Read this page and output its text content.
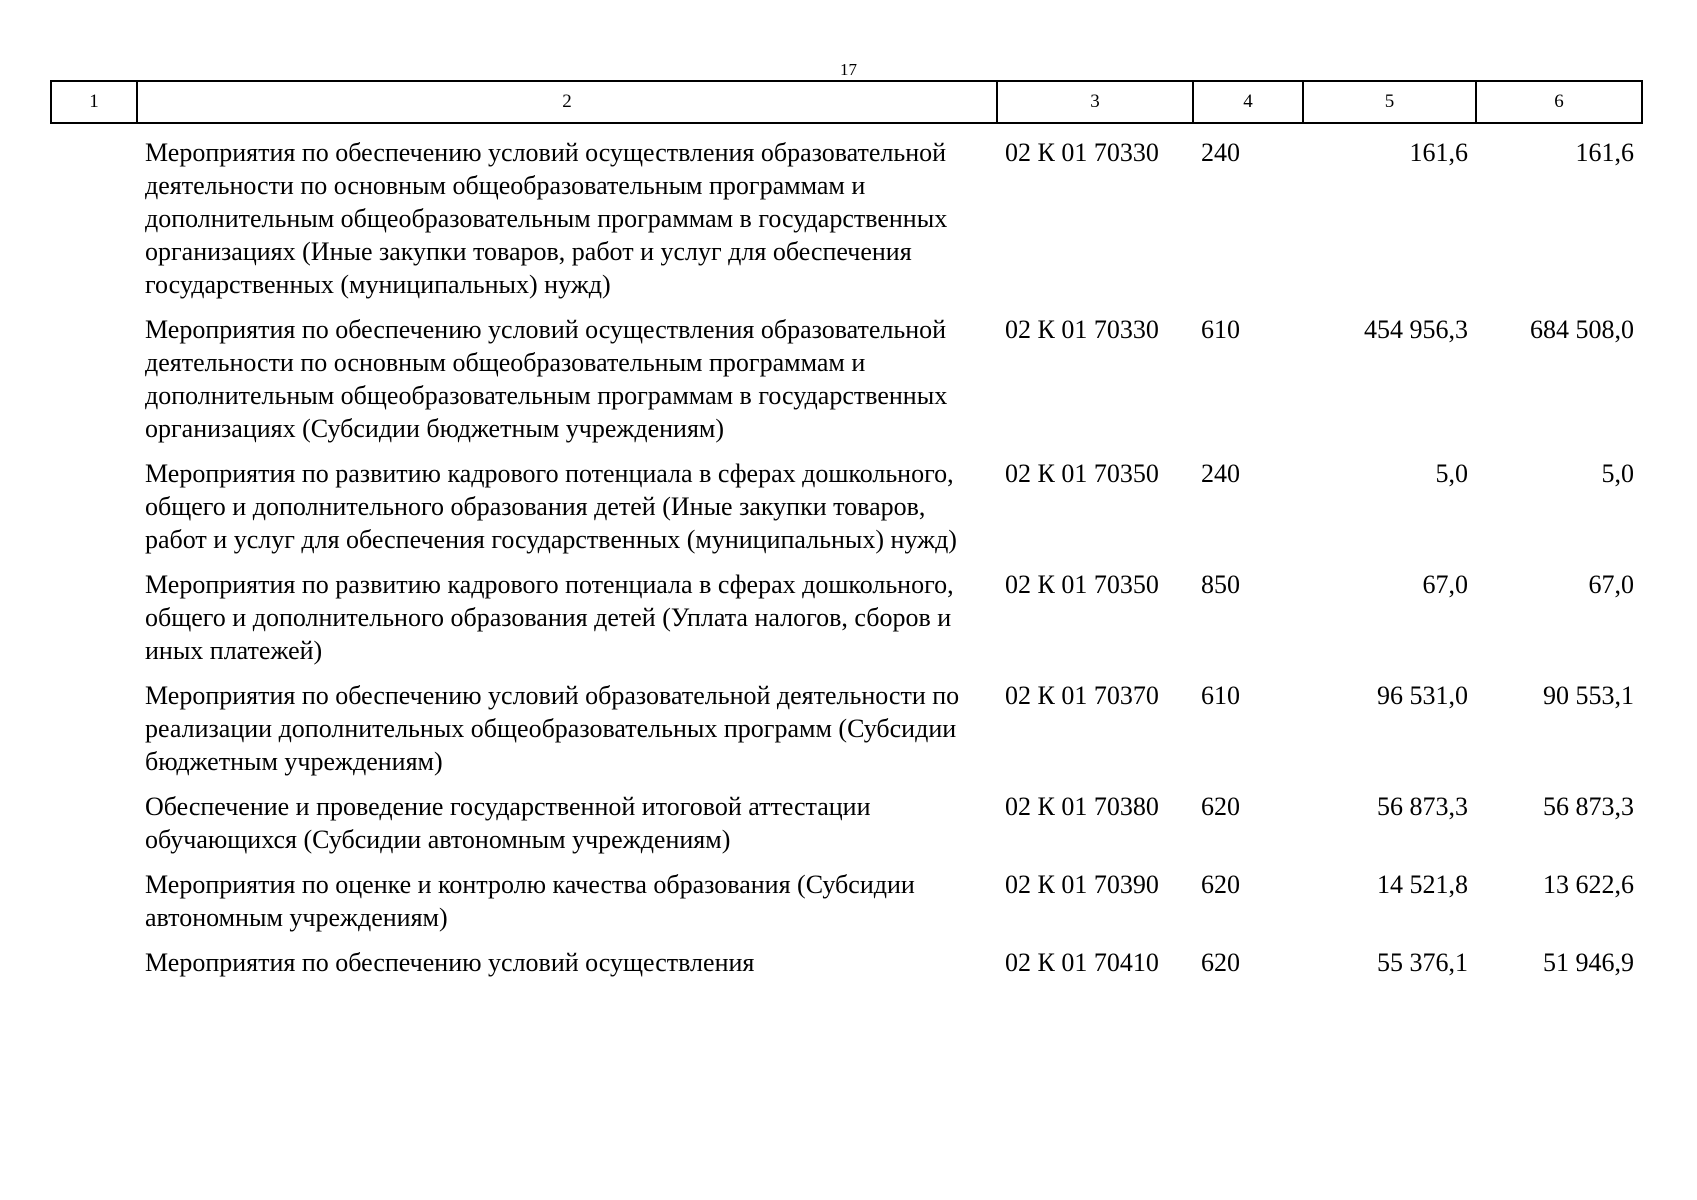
17
1	2	3	4	5	6
	Мероприятия по обеспечению условий осуществления образовательной деятельности по основным общеобразовательным программам и дополнительным общеобразовательным программам в государственных организациях (Иные закупки товаров, работ и услуг для обеспечения государственных (муниципальных) нужд)	02 К 01 70330	240	161,6	161,6
	Мероприятия по обеспечению условий осуществления образовательной деятельности по основным общеобразовательным программам и дополнительным общеобразовательным программам в государственных организациях (Субсидии бюджетным учреждениям)	02 К 01 70330	610	454 956,3	684 508,0
	Мероприятия по развитию кадрового потенциала в сферах дошкольного, общего и дополнительного образования детей (Иные закупки товаров, работ и услуг для обеспечения государственных (муниципальных) нужд)	02 К 01 70350	240	5,0	5,0
	Мероприятия по развитию кадрового потенциала в сферах дошкольного, общего и дополнительного образования детей (Уплата налогов, сборов и иных платежей)	02 К 01 70350	850	67,0	67,0
	Мероприятия по обеспечению условий образовательной деятельности по реализации дополнительных общеобразовательных программ (Субсидии бюджетным учреждениям)	02 К 01 70370	610	96 531,0	90 553,1
	Обеспечение и проведение государственной итоговой аттестации обучающихся (Субсидии автономным учреждениям)	02 К 01 70380	620	56 873,3	56 873,3
	Мероприятия по оценке и контролю качества образования (Субсидии автономным учреждениям)	02 К 01 70390	620	14 521,8	13 622,6
	Мероприятия по обеспечению условий осуществления	02 К 01 70410	620	55 376,1	51 946,9
